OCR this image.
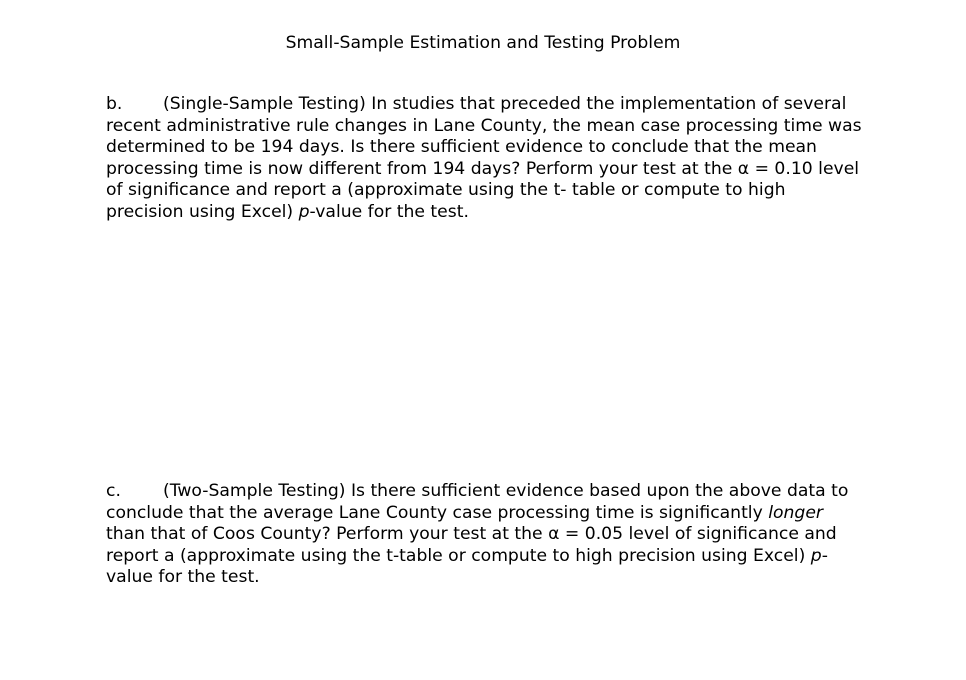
Small-Sample Estimation and Testing Problem

b. (Single-Sample Testing) In studies that preceded the implementation of several recent administrative rule changes in Lane County, the mean case processing time was determined to be 194 days. Is there sufficient evidence to conclude that the mean processing time is now different from 194 days? Perform your test at the α = 0.10 level of significance and report a (approximate using the t- table or compute to high precision using Excel) p-value for the test.

c. (Two-Sample Testing) Is there sufficient evidence based upon the above data to conclude that the average Lane County case processing time is significantly longer than that of Coos County? Perform your test at the α = 0.05 level of significance and report a (approximate using the t-table or compute to high precision using Excel) p-value for the test.
